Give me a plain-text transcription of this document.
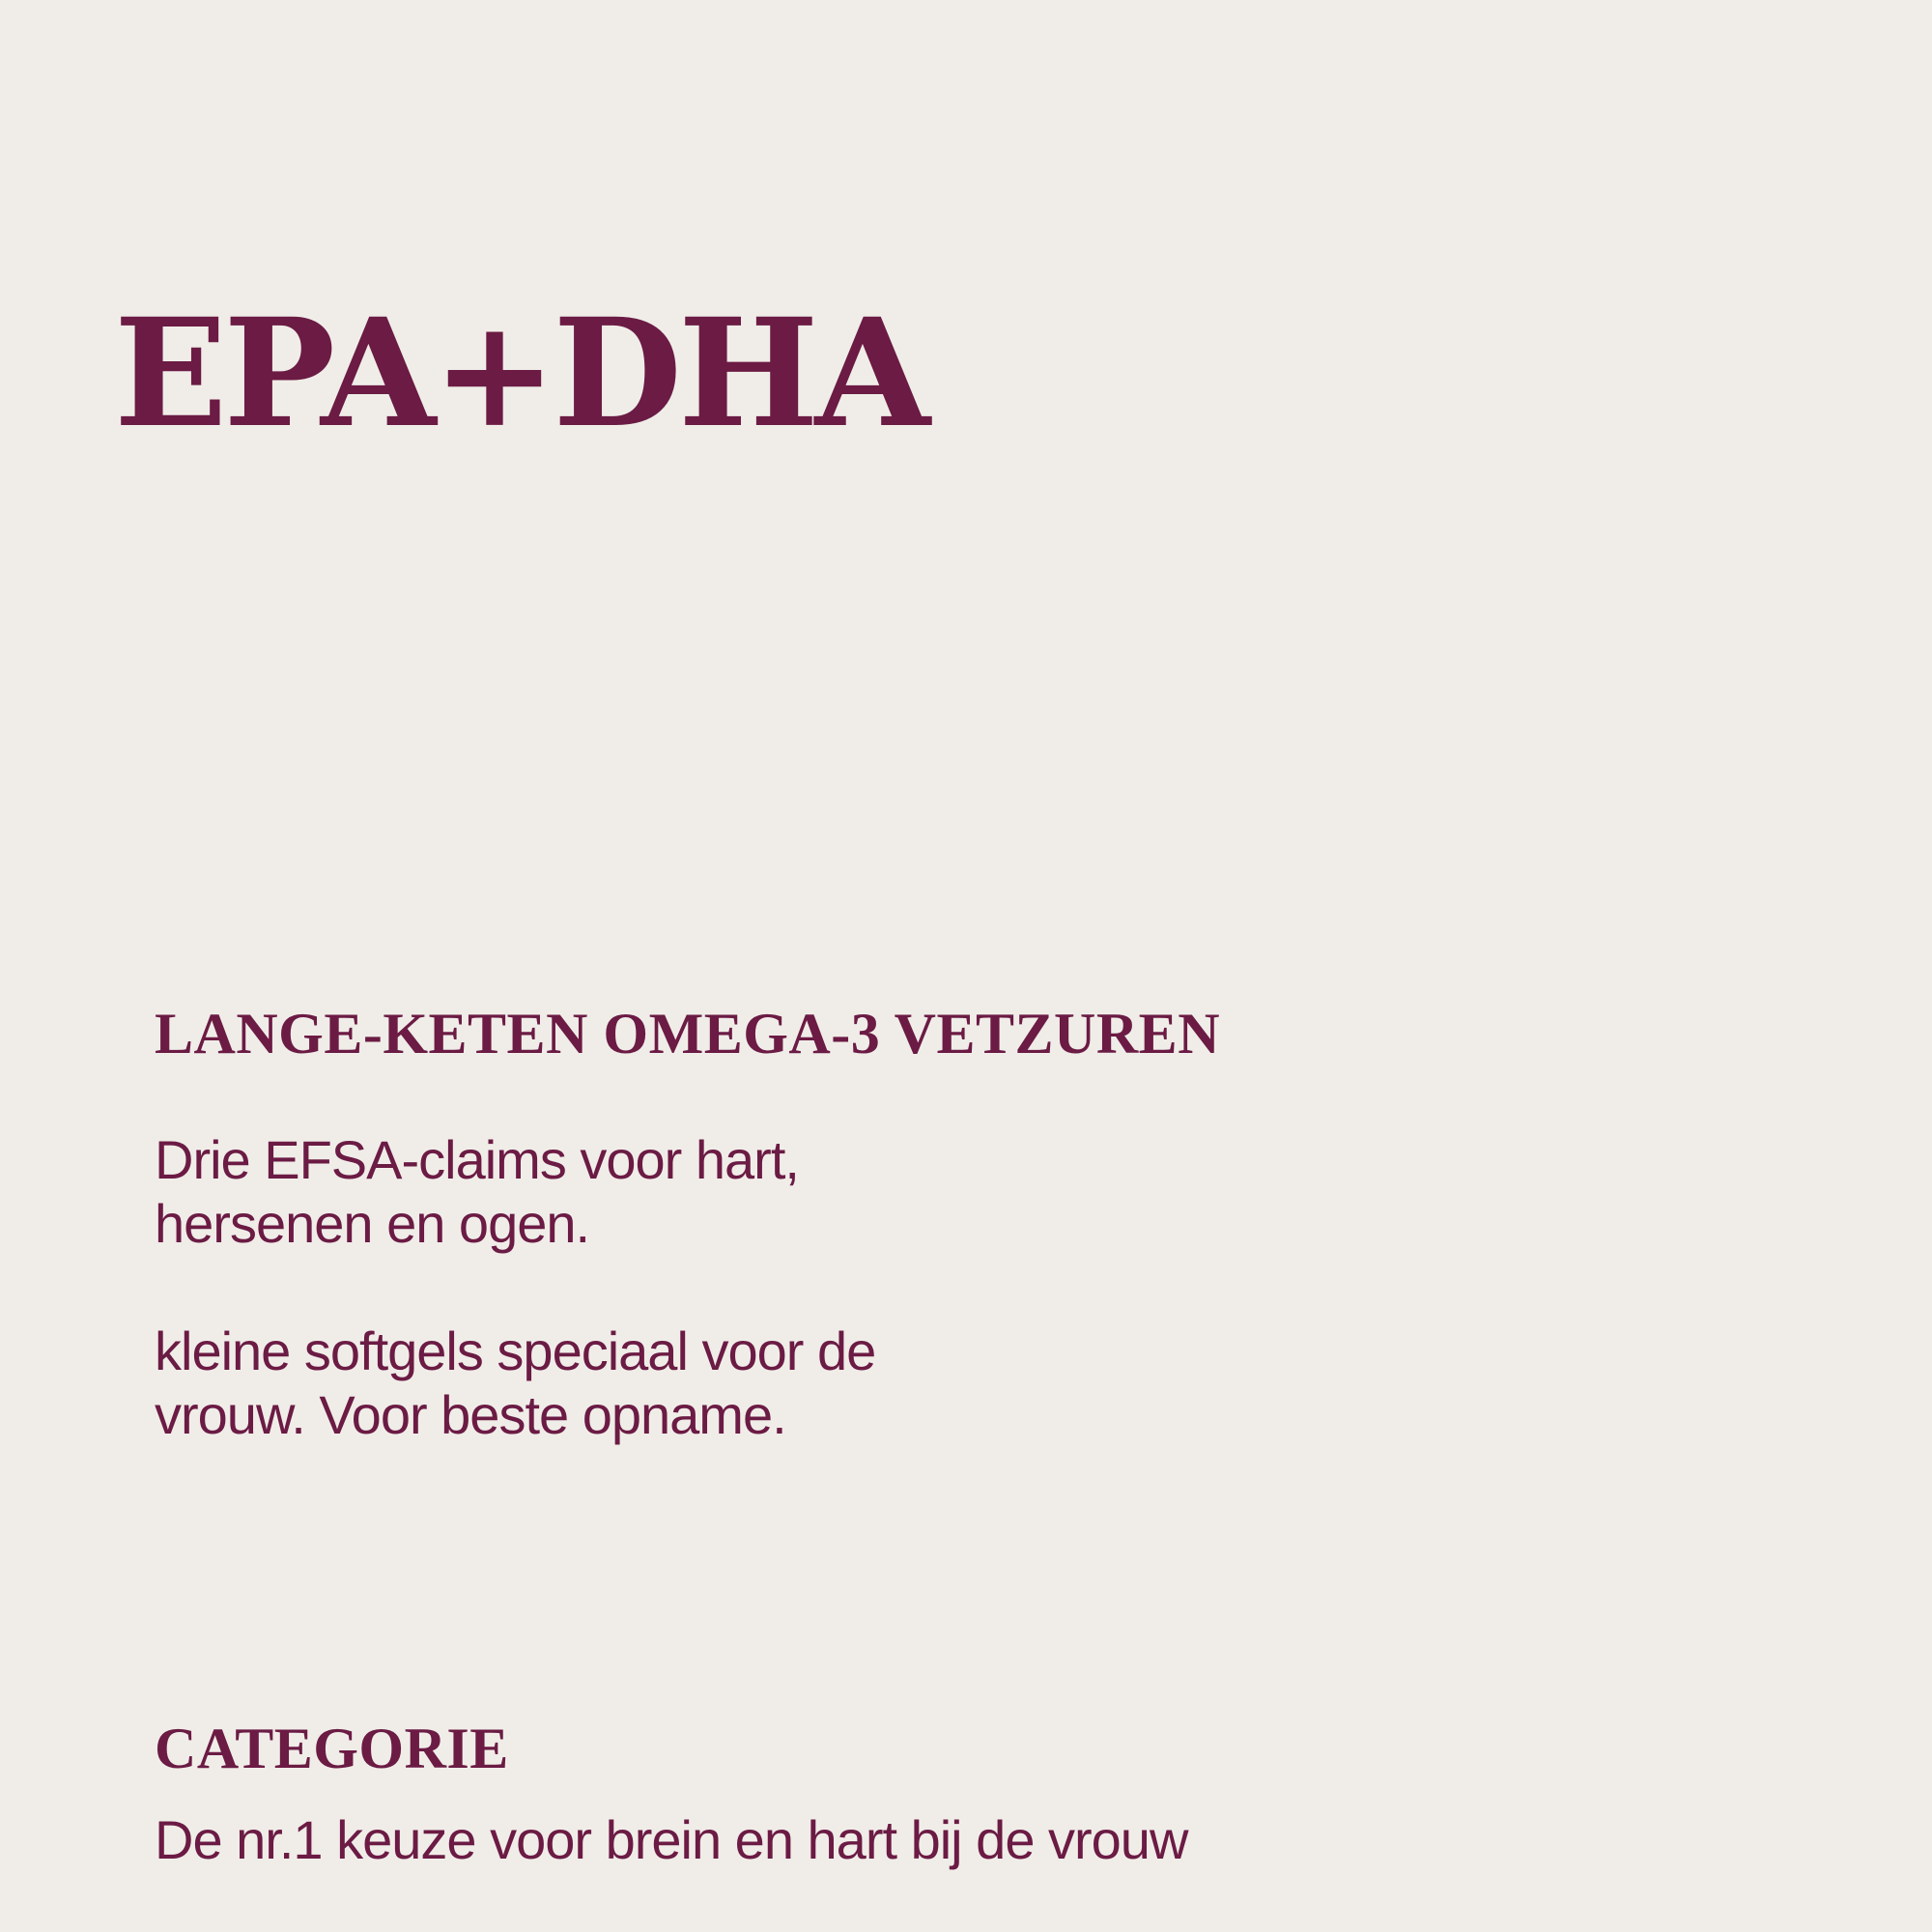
EPA+DHA
LANGE-KETEN OMEGA-3 VETZUREN

Drie EFSA-claims voor hart,
hersenen en ogen.

kleine softgels speciaal voor de
vrouw. Voor beste opname.

CATEGORIE

De nr.1 keuze voor brein en hart bij de vrouw
